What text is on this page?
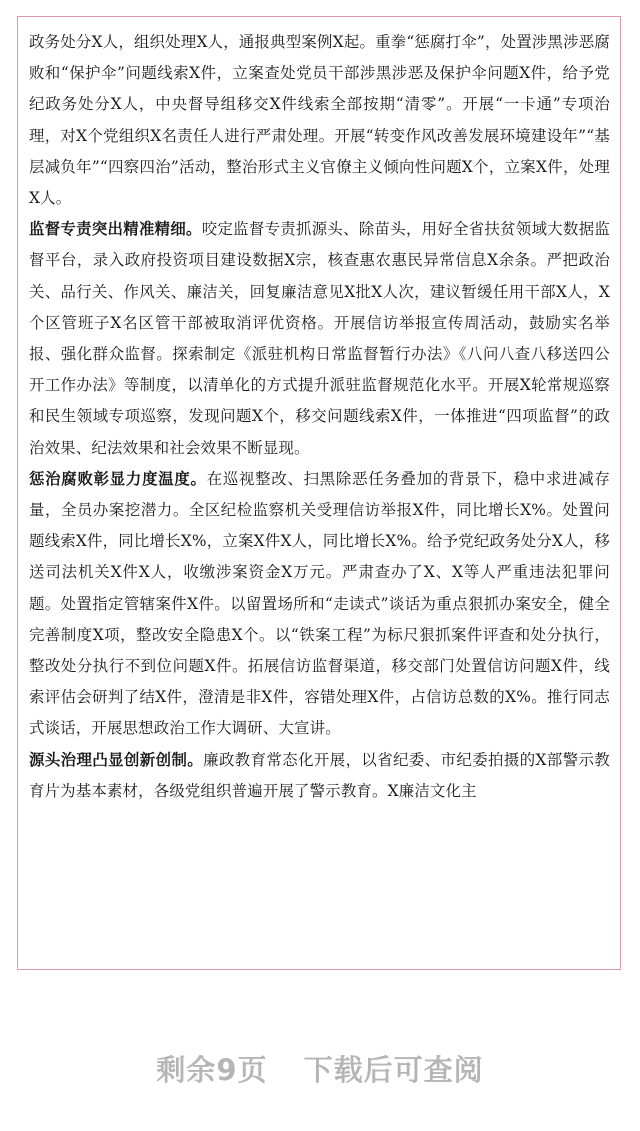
政务处分X人，组织处理X人，通报典型案例X起。重拳“惩腐打伞”，处置涉黑涉恶腐败和“保护伞”问题线索X件，立案查处党员干部涉黑涉恶及保护伞问题X件，给予党纪政务处分X人，中央督导组移交X件线索全部按期“清零”。开展“一卡通”专项治理，对X个党组织X名责任人进行严肃处理。开展“转变作风改善发展环境建设年”“基层减负年”“四察四治”活动，整治形式主义官僚主义倾向性问题X个，立案X件，处理X人。

监督专责突出精准精细。咬定监督专责抓源头、除苗头，用好全省扶贫领域大数据监督平台，录入政府投资项目建设数据X宗，核查惠农惠民异常信息X余条。严把政治关、品行关、作风关、廉洁关，回复廉洁意见X批X人次，建议暂缓任用干部X人，X个区管班子X名区管干部被取消评优资格。开展信访举报宣传周活动，鼓励实名举报、强化群众监督。探索制定《派驻机构日常监督暂行办法》《八问八查八移送四公开工作办法》等制度，以清单化的方式提升派驻监督规范化水平。开展X轮常规巡察和民生领域专项巡察，发现问题X个，移交问题线索X件，一体推进“四项监督”的政治效果、纪法效果和社会效果不断显现。

惩治腐败彰显力度温度。在巡视整改、扫黑除恶任务叠加的背景下，稳中求进减存量，全员办案挖潜力。全区纪检监察机关受理信访举报X件，同比增长X%。处置问题线索X件，同比增长X%，立案X件X人，同比增长X%。给予党纪政务处分X人，移送司法机关X件X人，收缴涉案资金X万元。严肃查办了X、X等人严重违法犯罪问题。处置指定管辖案件X件。以留置场所和“走读式”谈话为重点狠抓办案安全，健全完善制度X项，整改安全隐患X个。以“铁案工程”为标尺狠抓案件评查和处分执行，整改处分执行不到位问题X件。拓展信访监督渠道，移交部门处置信访问题X件，线索评估会研判了结X件，澄清是非X件，容错处理X件，占信访总数的X%。推行同志式谈话，开展思想政治工作大调研、大宣讲。

源头治理凸显创新创制。廉政教育常态化开展，以省纪委、市纪委拍摄的X部警示教育片为基本素材，各级党组织普遍开展了警示教育。X廉洁文化主

剩余9页 下载后可查阅
